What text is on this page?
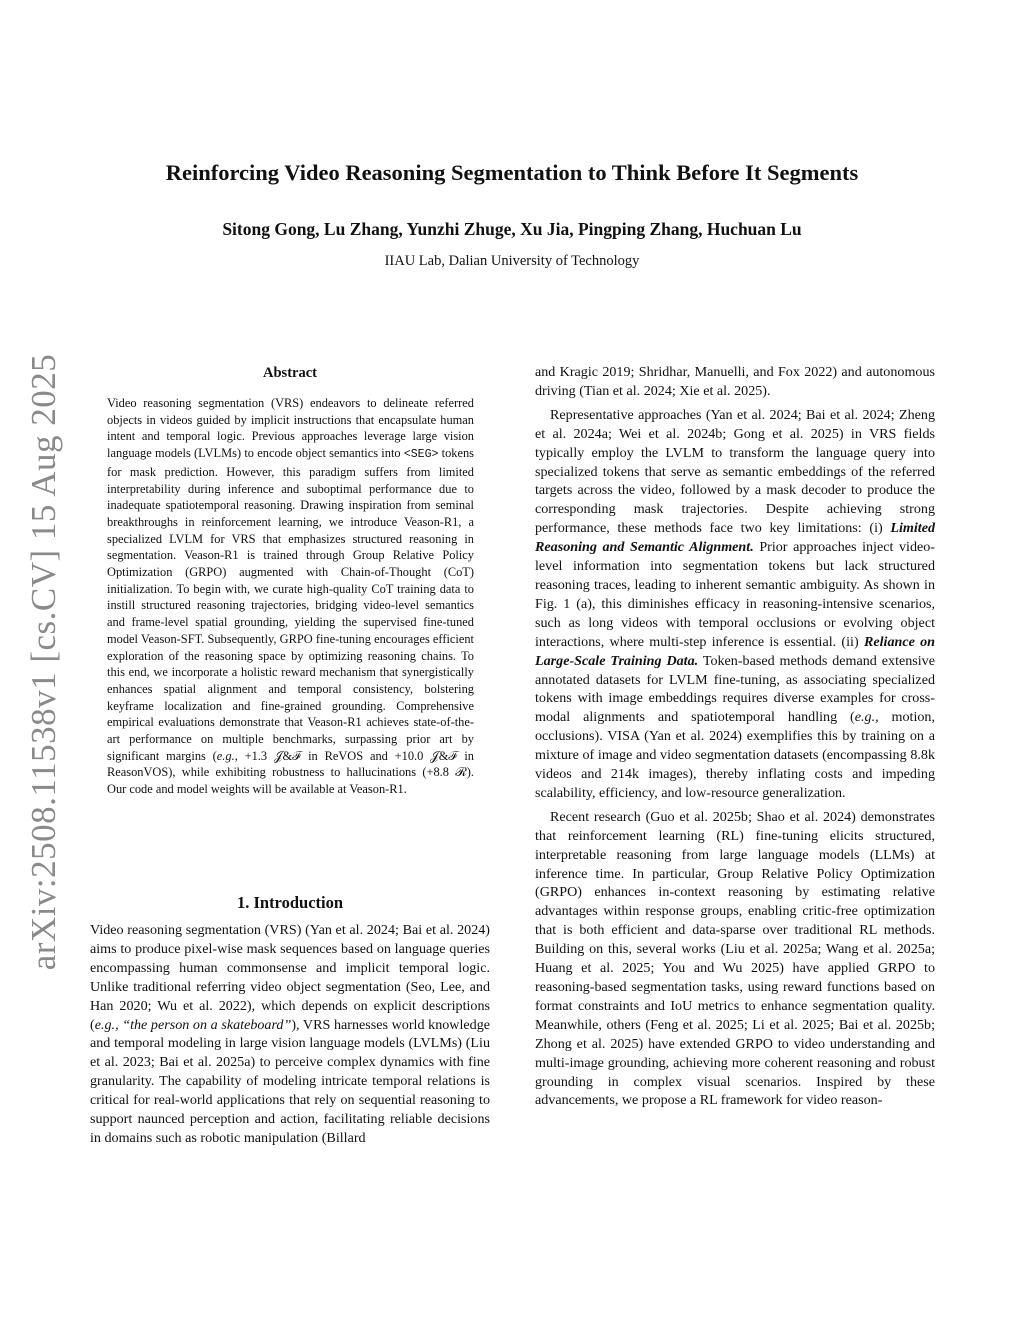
arXiv:2508.11538v1 [cs.CV] 15 Aug 2025
Reinforcing Video Reasoning Segmentation to Think Before It Segments
Sitong Gong, Lu Zhang, Yunzhi Zhuge, Xu Jia, Pingping Zhang, Huchuan Lu
IIAU Lab, Dalian University of Technology
Abstract
Video reasoning segmentation (VRS) endeavors to delineate referred objects in videos guided by implicit instructions that encapsulate human intent and temporal logic. Previous approaches leverage large vision language models (LVLMs) to encode object semantics into <SEG> tokens for mask prediction. However, this paradigm suffers from limited interpretability during inference and suboptimal performance due to inadequate spatiotemporal reasoning. Drawing inspiration from seminal breakthroughs in reinforcement learning, we introduce Veason-R1, a specialized LVLM for VRS that emphasizes structured reasoning in segmentation. Veason-R1 is trained through Group Relative Policy Optimization (GRPO) augmented with Chain-of-Thought (CoT) initialization. To begin with, we curate high-quality CoT training data to instill structured reasoning trajectories, bridging video-level semantics and frame-level spatial grounding, yielding the supervised fine-tuned model Veason-SFT. Subsequently, GRPO fine-tuning encourages efficient exploration of the reasoning space by optimizing reasoning chains. To this end, we incorporate a holistic reward mechanism that synergistically enhances spatial alignment and temporal consistency, bolstering keyframe localization and fine-grained grounding. Comprehensive empirical evaluations demonstrate that Veason-R1 achieves state-of-the-art performance on multiple benchmarks, surpassing prior art by significant margins (e.g., +1.3 𝒥&ℱ in ReVOS and +10.0 𝒥&ℱ in ReasonVOS), while exhibiting robustness to hallucinations (+8.8 ℛ). Our code and model weights will be available at Veason-R1.
1. Introduction

Video reasoning segmentation (VRS) (Yan et al. 2024; Bai et al. 2024) aims to produce pixel-wise mask sequences based on language queries encompassing human commonsense and implicit temporal logic. Unlike traditional referring video object segmentation (Seo, Lee, and Han 2020; Wu et al. 2022), which depends on explicit descriptions (e.g., “the person on a skateboard”), VRS harnesses world knowledge and temporal modeling in large vision language models (LVLMs) (Liu et al. 2023; Bai et al. 2025a) to perceive complex dynamics with fine granularity. The capability of modeling intricate temporal relations is critical for real-world applications that rely on sequential reasoning to support naunced perception and action, facilitating reliable decisions in domains such as robotic manipulation (Billard

and Kragic 2019; Shridhar, Manuelli, and Fox 2022) and autonomous driving (Tian et al. 2024; Xie et al. 2025).

Representative approaches (Yan et al. 2024; Bai et al. 2024; Zheng et al. 2024a; Wei et al. 2024b; Gong et al. 2025) in VRS fields typically employ the LVLM to transform the language query into specialized tokens that serve as semantic embeddings of the referred targets across the video, followed by a mask decoder to produce the corresponding mask trajectories. Despite achieving strong performance, these methods face two key limitations: (i) Limited Reasoning and Semantic Alignment. Prior approaches inject video-level information into segmentation tokens but lack structured reasoning traces, leading to inherent semantic ambiguity. As shown in Fig. 1 (a), this diminishes efficacy in reasoning-intensive scenarios, such as long videos with temporal occlusions or evolving object interactions, where multi-step inference is essential. (ii) Reliance on Large-Scale Training Data. Token-based methods demand extensive annotated datasets for LVLM fine-tuning, as associating specialized tokens with image embeddings requires diverse examples for cross-modal alignments and spatiotemporal handling (e.g., motion, occlusions). VISA (Yan et al. 2024) exemplifies this by training on a mixture of image and video segmentation datasets (encompassing 8.8k videos and 214k images), thereby inflating costs and impeding scalability, efficiency, and low-resource generalization.

Recent research (Guo et al. 2025b; Shao et al. 2024) demonstrates that reinforcement learning (RL) fine-tuning elicits structured, interpretable reasoning from large language models (LLMs) at inference time. In particular, Group Relative Policy Optimization (GRPO) enhances in-context reasoning by estimating relative advantages within response groups, enabling critic-free optimization that is both efficient and data-sparse over traditional RL methods. Building on this, several works (Liu et al. 2025a; Wang et al. 2025a; Huang et al. 2025; You and Wu 2025) have applied GRPO to reasoning-based segmentation tasks, using reward functions based on format constraints and IoU metrics to enhance segmentation quality. Meanwhile, others (Feng et al. 2025; Li et al. 2025; Bai et al. 2025b; Zhong et al. 2025) have extended GRPO to video understanding and multi-image grounding, achieving more coherent reasoning and robust grounding in complex visual scenarios. Inspired by these advancements, we propose a RL framework for video reason-
